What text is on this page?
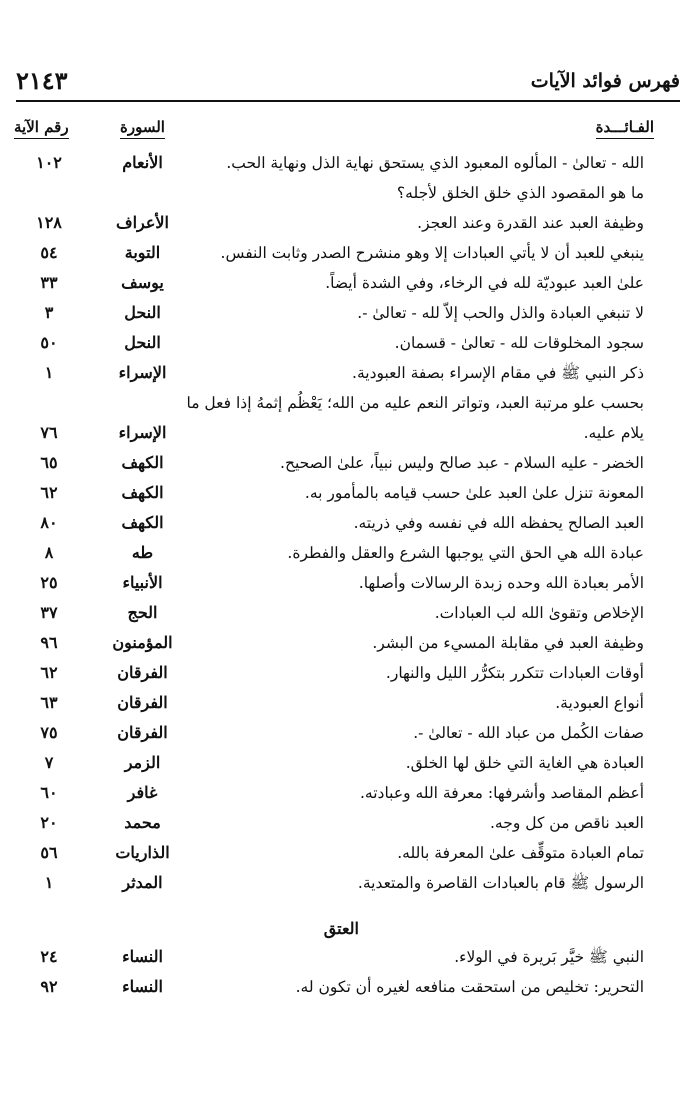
فهرس فوائد الآيات
٢١٤٣
الفـائـــدة
السورة
رقم الآية
الله - تعالىٰ - المألوه المعبود الذي يستحق نهاية الذل ونهاية الحب.
الأنعام
١٠٢
ما هو المقصود الذي خلق الخلق لأجله؟
وظيفة العبد عند القدرة وعند العجز.
الأعراف
١٢٨
ينبغي للعبد أن لا يأتي العبادات إلا وهو منشرح الصدر وثابت النفس.
التوبة
٥٤
علىٰ العبد عبوديّة لله في الرخاء، وفي الشدة أيضاً.
يوسف
٣٣
لا تنبغي العبادة والذل والحب إلاّ لله - تعالىٰ -.
النحل
٣
سجود المخلوقات لله - تعالىٰ - قسمان.
النحل
٥٠
ذكر النبي ﷺ في مقام الإسراء بصفة العبودية.
الإسراء
١
بحسب علو مرتبة العبد، وتواتر النعم عليه من الله؛ يَعْظُم إثمهُ إذا فعل ما يلام عليه.
الإسراء
٧٦
الخضر - عليه السلام - عبد صالح وليس نبياً، علىٰ الصحيح.
الكهف
٦٥
المعونة تنزل علىٰ العبد علىٰ حسب قيامه بالمأمور به.
الكهف
٦٢
العبد الصالح يحفظه الله في نفسه وفي ذريته.
الكهف
٨٠
عبادة الله هي الحق التي يوجبها الشرع والعقل والفطرة.
طه
٨
الأمر بعبادة الله وحده زبدة الرسالات وأصلها.
الأنبياء
٢٥
الإخلاص وتقوىٰ الله لب العبادات.
الحج
٣٧
وظيفة العبد في مقابلة المسيء من البشر.
المؤمنون
٩٦
أوقات العبادات تتكرر بتكرُّر الليل والنهار.
الفرقان
٦٢
أنواع العبودية.
الفرقان
٦٣
صفات الكُمل من عباد الله - تعالىٰ -.
الفرقان
٧٥
العبادة هي الغاية التي خلق لها الخلق.
الزمر
٧
أعظم المقاصد وأشرفها: معرفة الله وعبادته.
غافر
٦٠
العبد ناقص من كل وجه.
محمد
٢٠
تمام العبادة متوقِّف علىٰ المعرفة بالله.
الذاريات
٥٦
الرسول ﷺ قام بالعبادات القاصرة والمتعدية.
المدثر
١
العتق
النبي ﷺ خيَّر بَريرة في الولاء.
النساء
٢٤
التحرير: تخليص من استحقت منافعه لغيره أن تكون له.
النساء
٩٢
